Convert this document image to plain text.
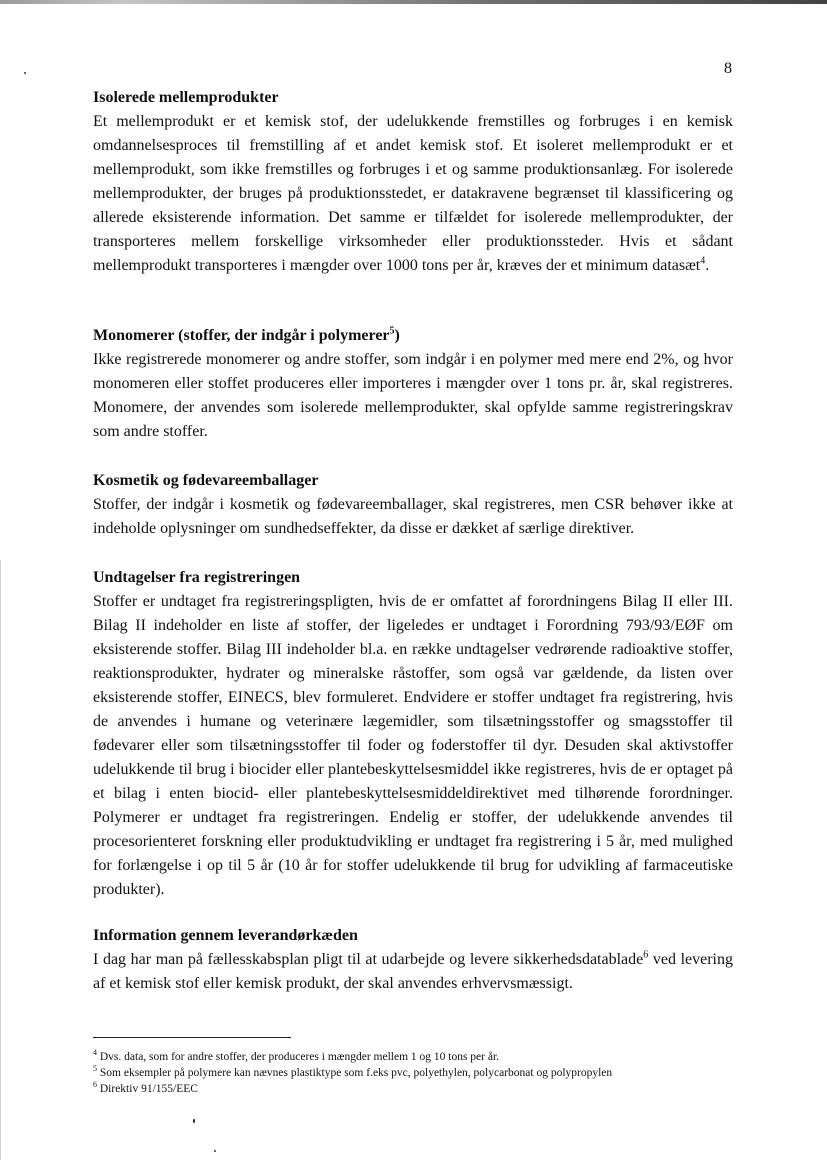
8

Isolerede mellemprodukter

Et mellemprodukt er et kemisk stof, der udelukkende fremstilles og forbruges i en kemisk omdannelsesproces til fremstilling af et andet kemisk stof. Et isoleret mellemprodukt er et mellemprodukt, som ikke fremstilles og forbruges i et og samme produktionsanlæg. For isolerede mellemprodukter, der bruges på produktionsstedet, er datakravene begrænset til klassificering og allerede eksisterende information. Det samme er tilfældet for isolerede mellemprodukter, der transporteres mellem forskellige virksomheder eller produktionssteder. Hvis et sådant mellemprodukt transporteres i mængder over 1000 tons per år, kræves der et minimum datasæt$^4$.

Monomerer (stoffer, der indgår i polymerer$^5$)

Ikke registrerede monomerer og andre stoffer, som indgår i en polymer med mere end 2%, og hvor monomeren eller stoffet produceres eller importeres i mængder over 1 tons pr. år, skal registreres. Monomere, der anvendes som isolerede mellemprodukter, skal opfylde samme registreringskrav som andre stoffer.

Kosmetik og fødevareemballager

Stoffer, der indgår i kosmetik og fødevareemballager, skal registreres, men CSR behøver ikke at indeholde oplysninger om sundhedseffekter, da disse er dækket af særlige direktiver.

Undtagelser fra registreringen

Stoffer er undtaget fra registreringspligten, hvis de er omfattet af forordningens Bilag II eller III. Bilag II indeholder en liste af stoffer, der ligeledes er undtaget i Forordning 793/93/EØF om eksisterende stoffer. Bilag III indeholder bl.a. en række undtagelser vedrørende radioaktive stoffer, reaktionsprodukter, hydrater og mineralske råstoffer, som også var gældende, da listen over eksisterende stoffer, EINECS, blev formuleret. Endvidere er stoffer undtaget fra registrering, hvis de anvendes i humane og veterinære lægemidler, som tilsætningsstoffer og smagsstoffer til fødevarer eller som tilsætningsstoffer til foder og foderstoffer til dyr. Desuden skal aktivstoffer udelukkende til brug i biocider eller plantebeskyttelsesmiddel ikke registreres, hvis de er optaget på et bilag i enten biocid- eller plantebeskyttelsesmiddeldirektivet med tilhørende forordninger. Polymerer er undtaget fra registreringen. Endelig er stoffer, der udelukkende anvendes til procesorienteret forskning eller produktudvikling er undtaget fra registrering i 5 år, med mulighed for forlængelse i op til 5 år (10 år for stoffer udelukkende til brug for udvikling af farmaceutiske produkter).

Information gennem leverandørkæden

I dag har man på fællesskabsplan pligt til at udarbejde og levere sikkerhedsdatablade$^6$ ved levering af et kemisk stof eller kemisk produkt, der skal anvendes erhvervsmæssigt.

$^4$ Dvs. data, som for andre stoffer, der produceres i mængder mellem 1 og 10 tons per år.

$^5$ Som eksempler på polymere kan nævnes plastiktype som f.eks pvc, polyethylen, polycarbonat og polypropylen

$^6$ Direktiv 91/155/EEC
